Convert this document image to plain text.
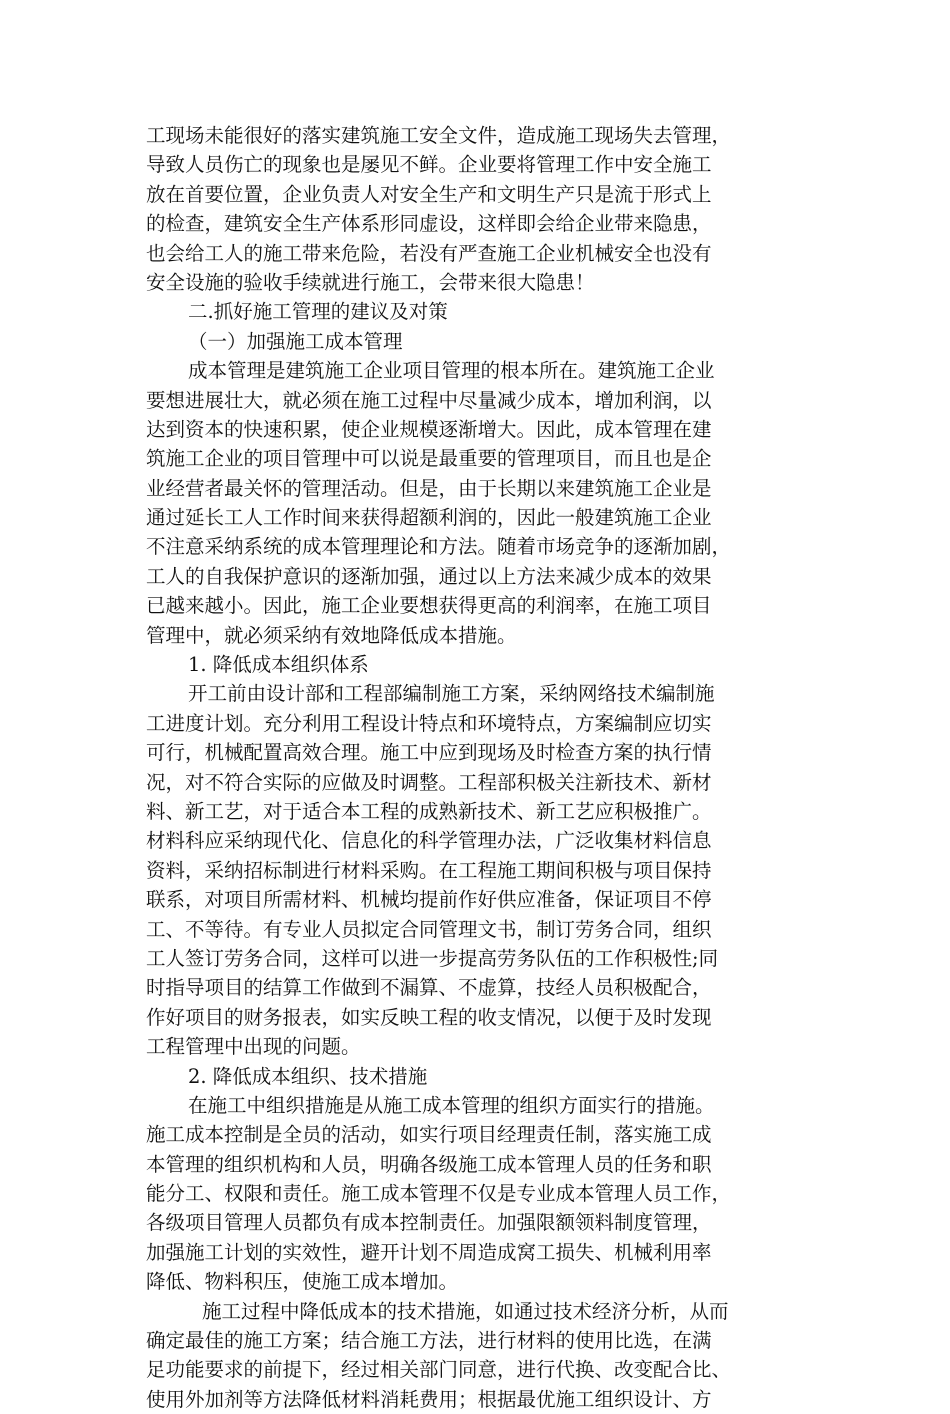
工现场未能很好的落实建筑施工安全文件，造成施工现场失去管理，
导致人员伤亡的现象也是屡见不鲜。企业要将管理工作中安全施工
放在首要位置，企业负责人对安全生产和文明生产只是流于形式上
的检查，建筑安全生产体系形同虚设，这样即会给企业带来隐患，
也会给工人的施工带来危险，若没有严查施工企业机械安全也没有
安全设施的验收手续就进行施工，会带来很大隐患！
二.抓好施工管理的建议及对策
（一）加强施工成本管理
成本管理是建筑施工企业项目管理的根本所在。建筑施工企业
要想进展壮大，就必须在施工过程中尽量减少成本，增加利润，以
达到资本的快速积累，使企业规模逐渐增大。因此，成本管理在建
筑施工企业的项目管理中可以说是最重要的管理项目，而且也是企
业经营者最关怀的管理活动。但是，由于长期以来建筑施工企业是
通过延长工人工作时间来获得超额利润的，因此一般建筑施工企业
不注意采纳系统的成本管理理论和方法。随着市场竞争的逐渐加剧，
工人的自我保护意识的逐渐加强，通过以上方法来减少成本的效果
已越来越小。因此，施工企业要想获得更高的利润率，在施工项目
管理中，就必须采纳有效地降低成本措施。
1. 降低成本组织体系
开工前由设计部和工程部编制施工方案，采纳网络技术编制施
工进度计划。充分利用工程设计特点和环境特点，方案编制应切实
可行，机械配置高效合理。施工中应到现场及时检查方案的执行情
况，对不符合实际的应做及时调整。工程部积极关注新技术、新材
料、新工艺，对于适合本工程的成熟新技术、新工艺应积极推广。
材料科应采纳现代化、信息化的科学管理办法，广泛收集材料信息
资料，采纳招标制进行材料采购。在工程施工期间积极与项目保持
联系，对项目所需材料、机械均提前作好供应准备，保证项目不停
工、不等待。有专业人员拟定合同管理文书，制订劳务合同，组织
工人签订劳务合同，这样可以进一步提高劳务队伍的工作积极性;同
时指导项目的结算工作做到不漏算、不虚算，技经人员积极配合，
作好项目的财务报表，如实反映工程的收支情况，以便于及时发现
工程管理中出现的问题。
2. 降低成本组织、技术措施
在施工中组织措施是从施工成本管理的组织方面实行的措施。
施工成本控制是全员的活动，如实行项目经理责任制，落实施工成
本管理的组织机构和人员，明确各级施工成本管理人员的任务和职
能分工、权限和责任。施工成本管理不仅是专业成本管理人员工作，
各级项目管理人员都负有成本控制责任。加强限额领料制度管理，
加强施工计划的实效性，避开计划不周造成窝工损失、机械利用率
降低、物料积压，使施工成本增加。
施工过程中降低成本的技术措施，如通过技术经济分析，从而
确定最佳的施工方案；结合施工方法，进行材料的使用比选，在满
足功能要求的前提下，经过相关部门同意，进行代换、改变配合比、
使用外加剂等方法降低材料消耗费用；根据最优施工组织设计、方
